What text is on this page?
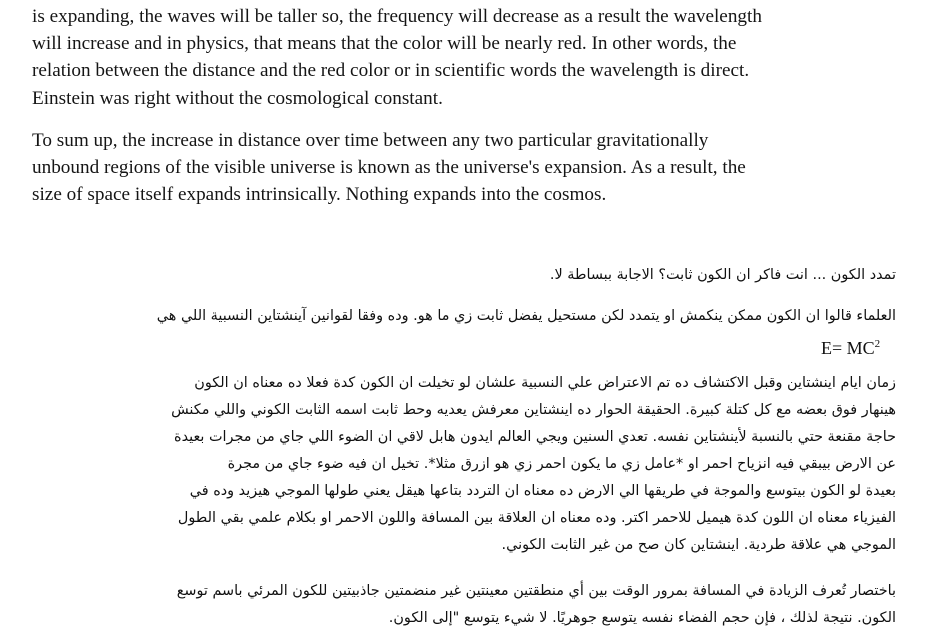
is expanding, the waves will be taller so, the frequency will decrease as a result the wavelength
will increase and in physics, that means that the color will be nearly red. In other words, the
relation between the distance and the red color or in scientific words the wavelength is direct.
Einstein was right without the cosmological constant.
To sum up, the increase in distance over time between any two particular gravitationally
unbound regions of the visible universe is known as the universe's expansion. As a result, the
size of space itself expands intrinsically. Nothing expands into the cosmos.
تمدد الكون ... انت فاكر ان الكون ثابت؟ الاجابة ببساطة لا.
العلماء قالوا ان الكون ممكن ينكمش او يتمدد لكن مستحيل يفضل ثابت زي ما هو. وده وفقا لقوانين آينشتاين النسبية اللي هي
$E= MC^2$
زمان ايام اينشتاين وقبل الاكتشاف ده تم الاعتراض علي النسبية علشان لو تخيلت ان الكون كدة فعلا ده معناه ان الكون
هينهار فوق بعضه مع كل كتلة كبيرة. الحقيقة الحوار ده اينشتاين معرفش يعديه وحط ثابت اسمه الثابت الكوني واللي مكنش
حاجة مقنعة حتي بالنسبة لأينشتاين نفسه. تعدي السنين ويجي العالم ايدون هابل لاقي ان الضوء اللي جاي من مجرات بعيدة
عن الارض بيبقي فيه انزياح احمر او *عامل زي ما يكون احمر زي هو ازرق مثلا*. تخيل ان فيه ضوء جاي من مجرة
بعيدة لو الكون بيتوسع والموجة في طريقها الي الارض ده معناه ان التردد بتاعها هيقل يعني طولها الموجي هيزيد وده في
الفيزياء معناه ان اللون كدة هيميل للاحمر اكتر. وده معناه ان العلاقة بين المسافة واللون الاحمر او بكلام علمي بقي الطول
الموجي هي علاقة طردية. اينشتاين كان صح من غير الثابت الكوني.
باختصار تُعرف الزيادة في المسافة بمرور الوقت بين أي منطقتين معينتين غير منضمتين جاذبيتين للكون المرئي باسم توسع
الكون. نتيجة لذلك ، فإن حجم الفضاء نفسه يتوسع جوهريًا. لا شيء يتوسع "إلى الكون.
